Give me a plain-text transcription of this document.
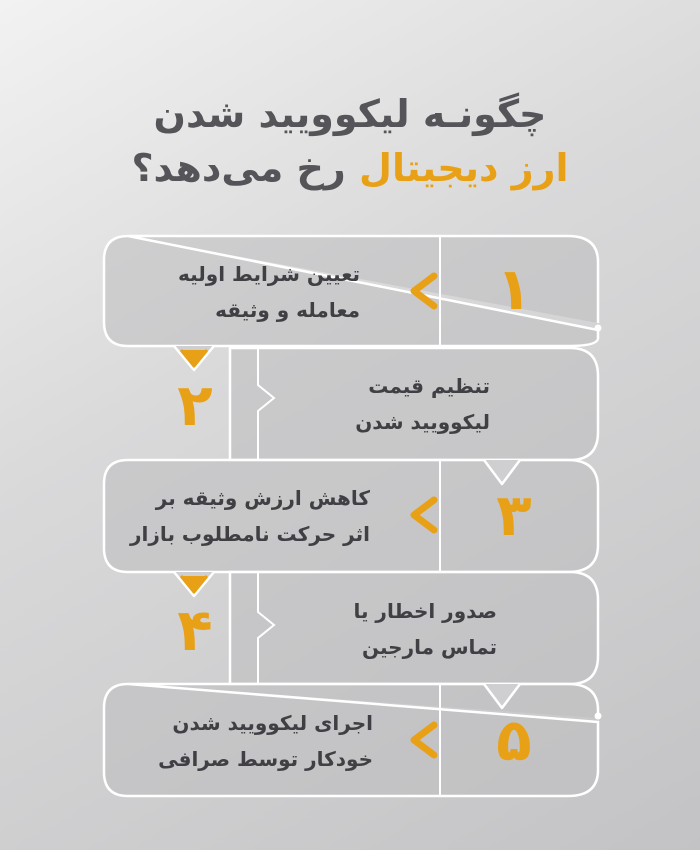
چگونـه لیکوویید شدن
ارز دیجیتال رخ می‌دهد؟
۱
۲
۳
۴
۵
تعیین شرایط اولیه
معامله و وثیقه
تنظیم قیمت
لیکوویید شدن
کاهش ارزش وثیقه بر
اثر حرکت نامطلوب بازار
صدور اخطار یا
تماس مارجین
اجرای لیکوویید شدن
خودکار توسط صرافی
